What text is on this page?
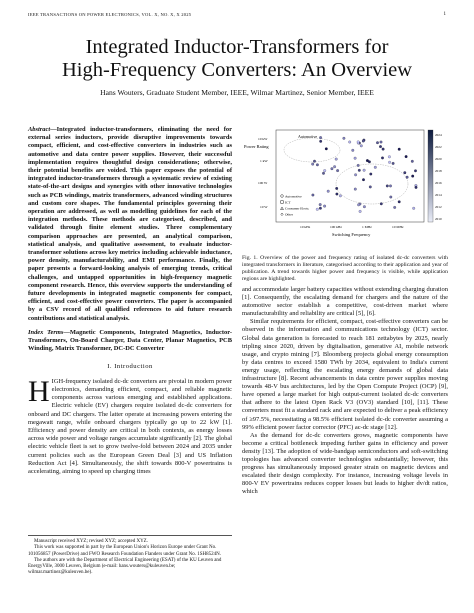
IEEE TRANSACTIONS ON POWER ELECTRONICS, VOL. X, NO. X, X 2025	1
Integrated Inductor-Transformers for
High-Frequency Converters: An Overview
Hans Wouters, Graduate Student Member, IEEE, Wilmar Martinez, Senior Member, IEEE
Abstract—Integrated inductor-transformers, eliminating the need for external series inductors, provide disruptive improvements towards compact, efficient, and cost-effective converters in industries such as automotive and data centre power supplies. However, their successful implementation requires thoughtful design considerations; otherwise, their potential benefits are voided. This paper exposes the potential of integrated inductor-transformers through a systematic review of existing state-of-the-art designs and synergies with other innovative technologies such as PCB windings, matrix transformers, advanced winding structures and custom core shapes. The fundamental principles governing their operation are addressed, as well as modelling guidelines for each of the integration methods. These methods are categorised, described, and validated through finite element studies. Three complementary comparison approaches are presented, an analytical comparison, statistical analysis, and qualitative assessment, to evaluate inductor-transformer solutions across key metrics including achievable inductance, power density, manufacturability, and EMI performance. Finally, the paper presents a forward-looking analysis of emerging trends, critical challenges, and untapped opportunities in high-frequency magnetic component research. Hence, this overview supports the understanding of future developments in integrated magnetic components for compact, efficient, and cost-effective power converters. The paper is accompanied by a CSV record of all qualified references to aid future research contributions and statistical analysis.
Index Terms—Magnetic Components, Integrated Magnetics, Inductor-Transformers, On-Board Charger, Data Center, Planar Magnetics, PCB Winding, Matrix Transformer, DC-DC Converter
I. Introduction
HIGH-frequency isolated dc-dc converters are pivotal in modern power electronics, demanding efficient, compact, and reliable magnetic components across various emerging and established applications. Electric vehicle (EV) chargers require isolated dc-dc converters for onboard and DC chargers. The latter operate at increasing powers entering the megawatt range, while onboard chargers typically go up to 22 kW [1]. Efficiency and power density are critical in both contexts, as energy losses across wide power and voltage ranges accumulate significantly [2]. The global electric vehicle fleet is set to grow twelve-fold between 2024 and 2035 under current policies such as the European Green Deal [3] and US Inflation Reduction Act [4]. Simultaneously, the shift towards 800-V powertrains is accelerating, aiming to speed up charging times
Manuscript received XYZ; revised XYZ; accepted XYZ.
This work was supported in part by the European Union's Horizon Europe under Grant No. 101056857 (PowerDrive) and FWO Research Foundation Flanders under Grant No. 1SH8524N.
The authors are with the Department of Electrical Engineering (ESAT) of the KU Leuven and EnergyVille, 3000 Leuven, Belgium (e-mail: hans.wouters@kuleuven.be; wilmar.martinez@kuleuven.be).
Automotive
Power Rating
10 kW
1 kW
100 W
10 W
10 kHz	100 kHz	1 MHz	10 MHz
Switching Frequency
Automotive
ICT
Consumer Electr.
Other
2024
2022
2020
2018
2016
2014
2012
2010
Fig. 1. Overview of the power and frequency rating of isolated dc-dc converters with integrated transformers in literature, categorised according to their application and year of publication. A trend towards higher power and frequency is visible, while application regions are highlighted.

and accommodate larger battery capacities without extending charging duration [1]. Consequently, the escalating demand for chargers and the nature of the automotive sector establish a competitive, cost-driven market where manufacturability and reliability are critical [5], [6].

Similar requirements for efficient, compact, cost-effective converters can be observed in the information and communications technology (ICT) sector. Global data generation is forecasted to reach 181 zettabytes by 2025, nearly tripling since 2020, driven by digitalisation, generative AI, mobile network usage, and crypto mining [7]. Bloomberg projects global energy consumption by data centres to exceed 1580 TWh by 2034, equivalent to India's current energy usage, reflecting the escalating energy demands of global data infrastructure [8]. Recent advancements in data centre power supplies moving towards 48-V bus architectures, led by the Open Compute Project (OCP) [9], have opened a large market for high output-current isolated dc-dc converters that adhere to the latest Open Rack V3 (OV3) standard [10], [11]. These converters must fit a standard rack and are expected to deliver a peak efficiency of ≥97.5%, necessitating a 98.5% efficient isolated dc-dc converter assuming a 99% efficient power factor corrector (PFC) ac-dc stage [12].

As the demand for dc-dc converters grows, magnetic components have become a critical bottleneck impeding further gains in efficiency and power density [13]. The adoption of wide-bandgap semiconductors and soft-switching topologies has advanced converter technologies substantially; however, this progress has simultaneously imposed greater strain on magnetic devices and escalated their design complexity. For instance, increasing voltage levels in 800-V EV powertrains reduces copper losses but leads to higher dv/dt ratios, which
